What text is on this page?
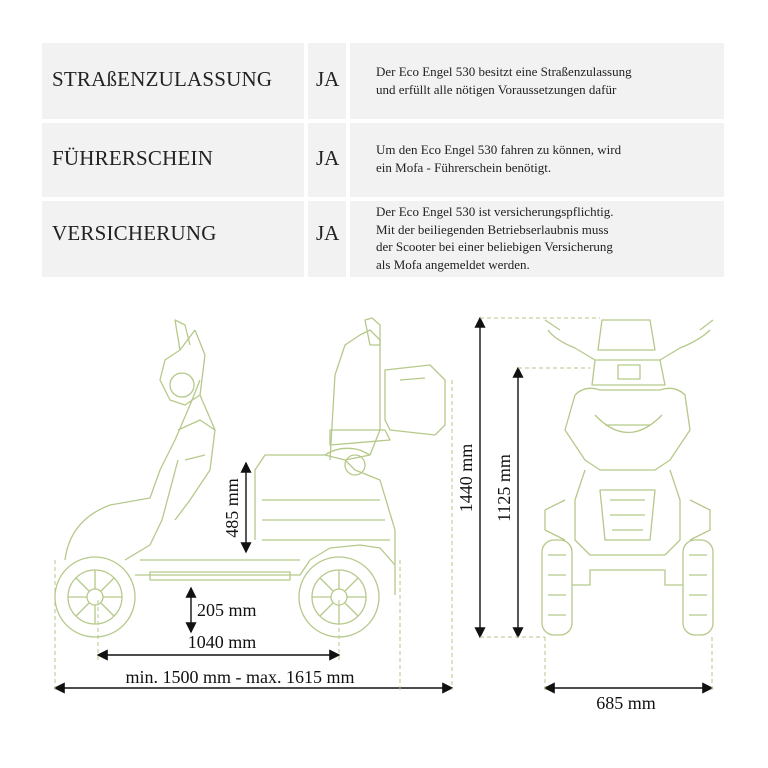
STRAßENZULASSUNG JA	Der Eco Engel 530 besitzt eine Straßenzulassung
und erfüllt alle nötigen Voraussetzungen dafür
FÜHRERSCHEIN	JA	Um den Eco Engel 530 fahren zu können, wird
ein Mofa - Führerschein benötigt.
VERSICHERUNG	JA
Der Eco Engel 530 ist versicherungspflichtig.
Mit der beiliegenden Betriebserlaubnis muss
der Scooter bei einer beliebigen Versicherung
als Mofa angemeldet werden.
485 mm
205 mm
1040 mm
min. 1500 mm - max. 1615 mm
1440 mm 1125 mm
685 mm
